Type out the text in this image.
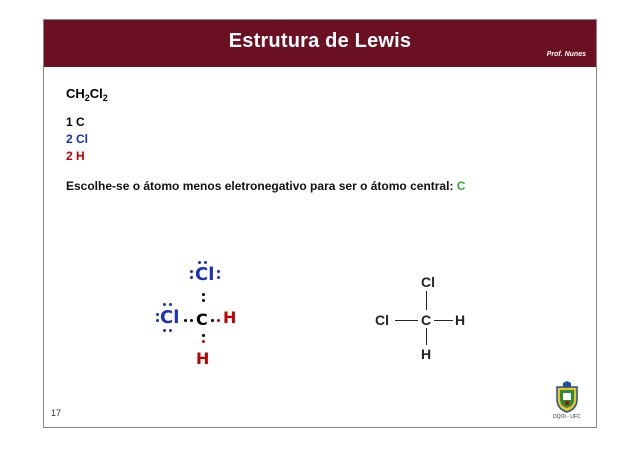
Estrutura de Lewis
Prof. Nunes
$CH_2Cl_2$
1 C
2 Cl
2 H
Escolhe-se o átomo menos eletronegativo para ser o átomo central: C
Cl
Cl C H
H
Cl
Cl C H
H
17	DQOI - UFC
